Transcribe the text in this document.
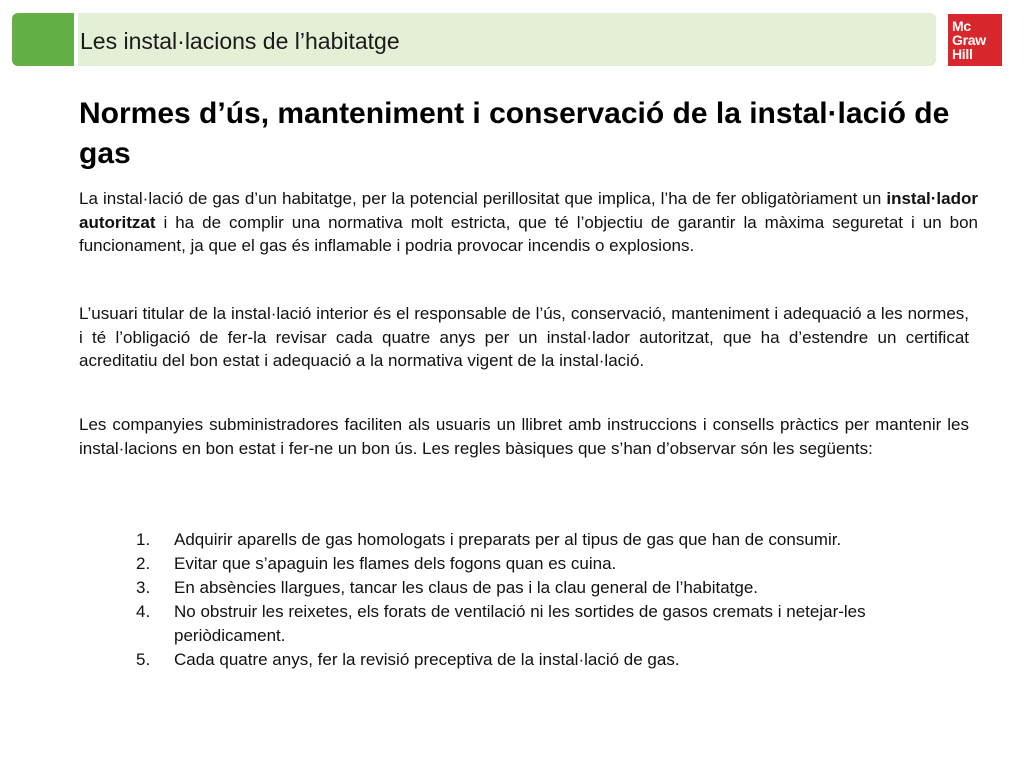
Les instal·lacions de l’habitatge
Mc
Graw
Hill
Normes d’ús, manteniment i conservació de la instal·lació de gas

La instal·lació de gas d’un habitatge, per la potencial perillositat que implica, l’ha de fer obligatòriament un instal·lador autoritzat i ha de complir una normativa molt estricta, que té l’objectiu de garantir la màxima seguretat i un bon funcionament, ja que el gas és inflamable i podria provocar incendis o explosions.

L’usuari titular de la instal·lació interior és el responsable de l’ús, conservació, manteniment i adequació a les normes, i té l’obligació de fer-la revisar cada quatre anys per un instal·lador autoritzat, que ha d’estendre un certificat acreditatiu del bon estat i adequació a la normativa vigent de la instal·lació.

Les companyies subministradores faciliten als usuaris un llibret amb instruccions i consells pràctics per mantenir les instal·lacions en bon estat i fer-ne un bon ús. Les regles bàsiques que s’han d’observar són les següents:

1.	Adquirir aparells de gas homologats i preparats per al tipus de gas que han de consumir.
2.	Evitar que s’apaguin les flames dels fogons quan es cuina.
3.	En absències llargues, tancar les claus de pas i la clau general de l’habitatge.
4.	No obstruir les reixetes, els forats de ventilació ni les sortides de gasos cremats i netejar-les periòdicament.
5.	Cada quatre anys, fer la revisió preceptiva de la instal·lació de gas.
